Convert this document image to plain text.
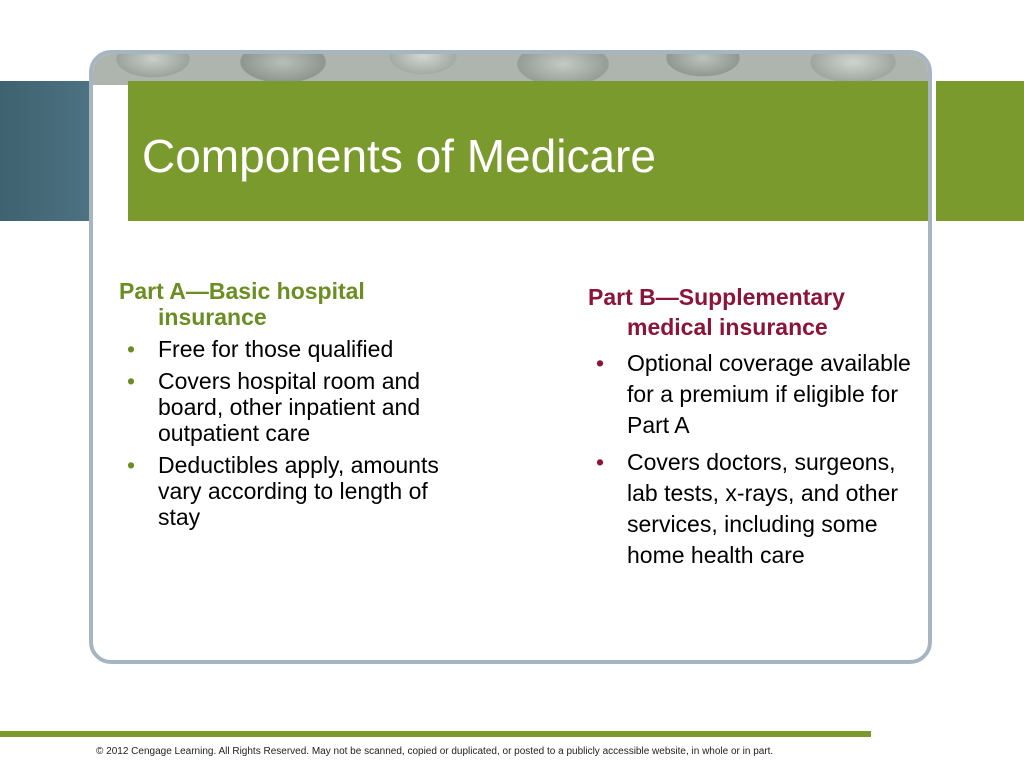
Components of Medicare

Part A—Basic hospital insurance

• Free for those qualified
• Covers hospital room and board, other inpatient and outpatient care
• Deductibles apply, amounts vary according to length of stay

Part B—Supplementary medical insurance

• Optional coverage available for a premium if eligible for Part A
• Covers doctors, surgeons, lab tests, x-rays, and other services, including some home health care
© 2012 Cengage Learning. All Rights Reserved. May not be scanned, copied or duplicated, or posted to a publicly accessible website, in whole or in part.
